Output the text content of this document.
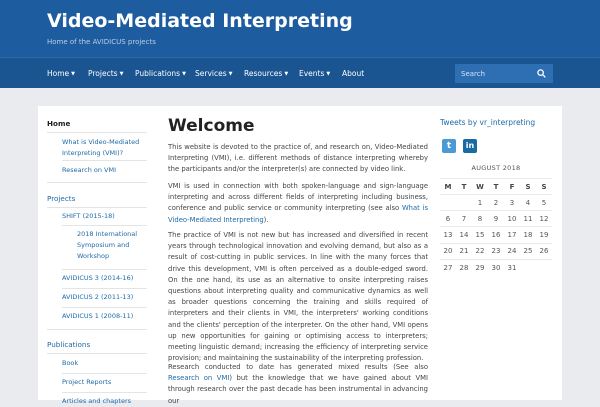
Video-Mediated Interpreting
Home of the AVIDICUS projects
Home ▼ Projects ▼ Publications ▼ Services ▼ Resources ▼ Events ▼ About
Search
Home
What is Video-Mediated Interpreting (VMI)?
Research on VMI
Projects
SHIFT (2015-18)
2018 International Symposium and Workshop
AVIDICUS 3 (2014-16)
AVIDICUS 2 (2011-13)
AVIDICUS 1 (2008-11)
Publications
Book
Project Reports
Articles and chapters
Welcome
This website is devoted to the practice of, and research on, Video-Mediated Interpreting (VMI), i.e. different methods of distance interpreting whereby the participants and/or the interpreter(s) are connected by video link.
VMI is used in connection with both spoken-language and sign-language interpreting and across different fields of interpreting including business, conference and public service or community interpreting (see also What is Video-Mediated Interpreting).
The practice of VMI is not new but has increased and diversified in recent years through technological innovation and evolving demand, but also as a result of cost-cutting in public services. In line with the many forces that drive this development, VMI is often perceived as a double-edged sword. On the one hand, its use as an alternative to onsite interpreting raises questions about interpreting quality and communicative dynamics as well as broader questions concerning the training and skills required of interpreters and their clients in VMI, the interpreters' working conditions and the clients' perception of the interpreter. On the other hand, VMI opens up new opportunities for gaining or optimising access to interpreters; meeting linguistic demand; increasing the efficiency of interpreting service provision; and maintaining the sustainability of the interpreting profession.
Research conducted to date has generated mixed results (See also Research on VMI) but the knowledge that we have gained about VMI through research over the past decade has been instrumental in advancing our
Tweets by vr_interpreting
t	in
AUGUST 2018
M	T	W	T	F	S	S
		1	2	3	4	5
6	7	8	9	10	11	12
13	14	15	16	17	18	19
20	21	22	23	24	25	26
27	28	29	30	31		
